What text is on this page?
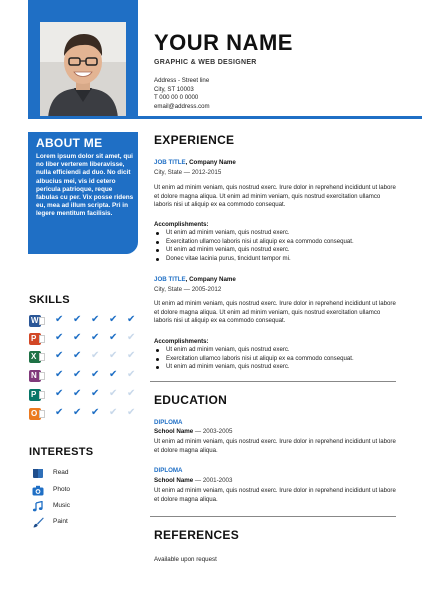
YOUR NAME
GRAPHIC & WEB DESIGNER
Address - Street line
City, ST 10003
T 000 00 0 0000
email@address.com
ABOUT ME

Lorem ipsum dolor sit amet, qui no liber verterem liberavisse, nulla efficiendi ad duo. No dicit albucius mei, vis id cetero pericula patrioque, reque fabulas cu per. Vix posse ridens eu, mea ad illum scripta. Pri in legere mentitum facilisis.

SKILLS
W ✔ ✔ ✔ ✔ ✔
P ✔ ✔ ✔ ✔ ✔
X ✔ ✔ ✔ ✔ ✔
N ✔ ✔ ✔ ✔ ✔
P ✔ ✔ ✔ ✔ ✔
O ✔ ✔ ✔ ✔ ✔
INTERESTS
Read
Photo
Music
Paint
EXPERIENCE
JOB TITLE, Company Name
City, State — 2012-2015

Ut enim ad minim veniam, quis nostrud exerc. Irure dolor in reprehend incididunt ut labore et dolore magna aliqua. Ut enim ad minim veniam, quis nostrud exercitation ullamco laboris nisi ut aliquip ex ea commodo consequat.

Accomplishments:
Ut enim ad minim veniam, quis nostrud exerc.
Exercitation ullamco laboris nisi ut aliquip ex ea commodo consequat.
Ut enim ad minim veniam, quis nostrud exerc.
Donec vitae lacinia purus, tincidunt tempor mi.
JOB TITLE, Company Name
City, State — 2005-2012

Ut enim ad minim veniam, quis nostrud exerc. Irure dolor in reprehend incididunt ut labore et dolore magna aliqua. Ut enim ad minim veniam, quis nostrud exercitation ullamco laboris nisi ut aliquip ex ea commodo consequat.

Accomplishments:
Ut enim ad minim veniam, quis nostrud exerc.
Exercitation ullamco laboris nisi ut aliquip ex ea commodo consequat.
Ut enim ad minim veniam, quis nostrud exerc.
EDUCATION
DIPLOMA
School Name — 2003-2005

Ut enim ad minim veniam, quis nostrud exerc. Irure dolor in reprehend incididunt ut labore et dolore magna aliqua.

DIPLOMA
School Name — 2001-2003

Ut enim ad minim veniam, quis nostrud exerc. Irure dolor in reprehend incididunt ut labore et dolore magna aliqua.

REFERENCES
Available upon request
